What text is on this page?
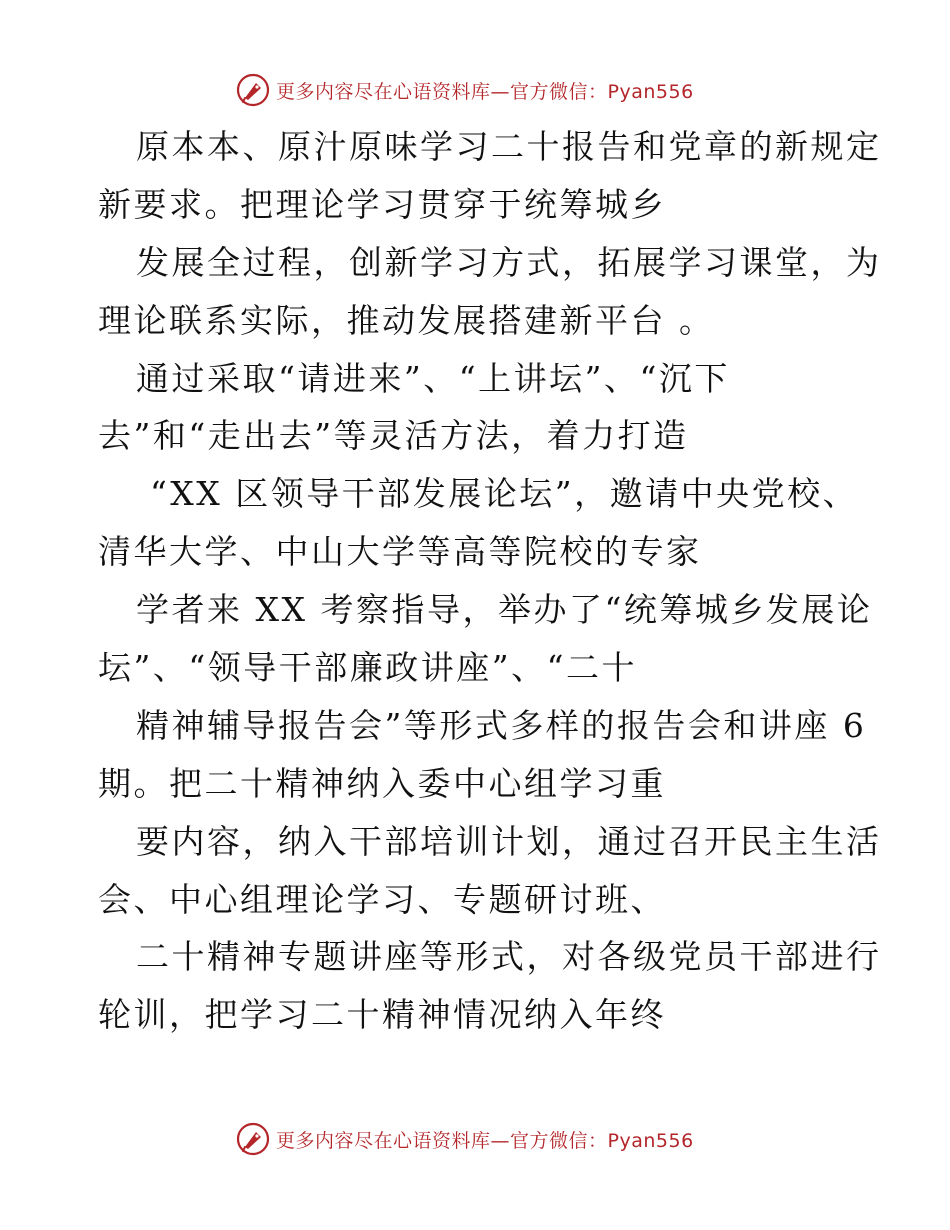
更多内容尽在心语资料库—官方微信：Pyan556
原本本、原汁原味学习二十报告和党章的新规定
新要求。把理论学习贯穿于统筹城乡
发展全过程，创新学习方式，拓展学习课堂，为
理论联系实际，推动发展搭建新平台 。
通过采取“请进来”、“上讲坛”、“沉下
去”和“走出去”等灵活方法，着力打造
“XX 区领导干部发展论坛”，邀请中央党校、
清华大学、中山大学等高等院校的专家
学者来 XX 考察指导，举办了“统筹城乡发展论
坛”、“领导干部廉政讲座”、“二十
精神辅导报告会”等形式多样的报告会和讲座 6
期。把二十精神纳入委中心组学习重
要内容，纳入干部培训计划，通过召开民主生活
会、中心组理论学习、专题研讨班、
二十精神专题讲座等形式，对各级党员干部进行
轮训，把学习二十精神情况纳入年终
更多内容尽在心语资料库—官方微信：Pyan556
